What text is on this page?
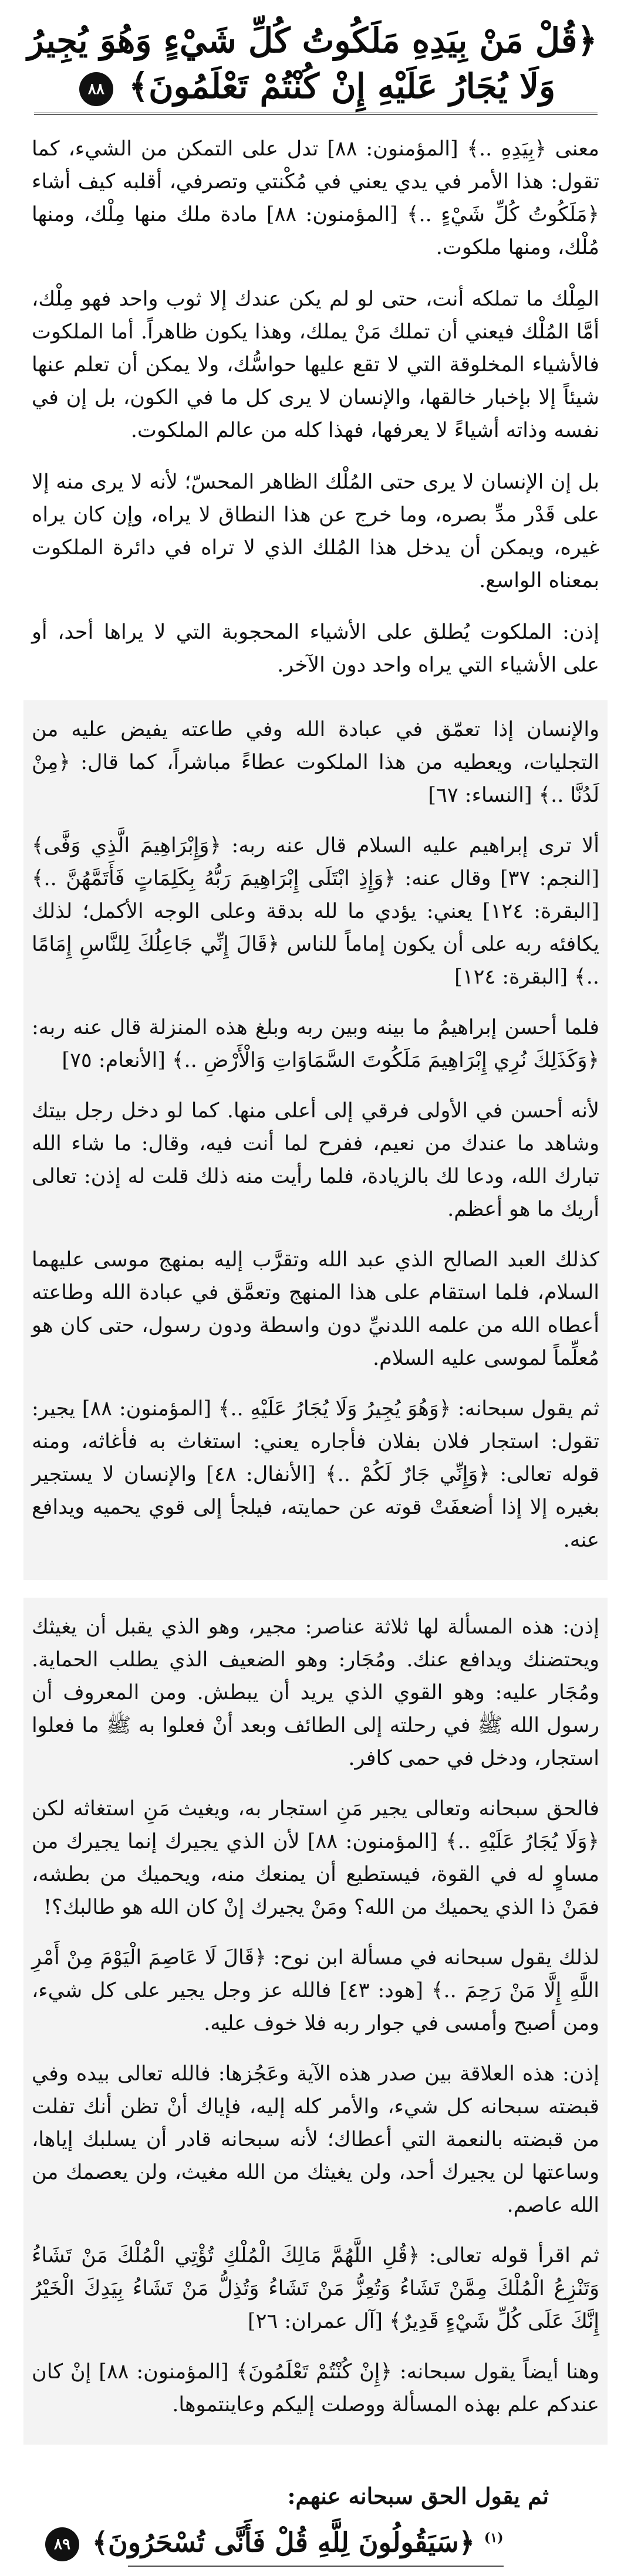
﴿قُلْ مَنْ بِيَدِهِ مَلَكُوتُ كُلِّ شَيْءٍ وَهُوَ يُجِيرُ
وَلَا يُجَارُ عَلَيْهِ إِنْ كُنْتُمْ تَعْلَمُونَ﴾ ٨٨

معنى ﴿بِيَدِهِ ..﴾ [المؤمنون: ٨٨] تدل على التمكن من الشيء، كما تقول: هذا الأمر في يدي يعني في مُكْنتي وتصرفي، أقلبه كيف أشاء ﴿مَلَكُوتُ كُلِّ شَيْءٍ ..﴾ [المؤمنون: ٨٨] مادة ملك منها مِلْك، ومنها مُلْك، ومنها ملكوت.

المِلْك ما تملكه أنت، حتى لو لم يكن عندك إلا ثوب واحد فهو مِلْك، أمَّا المُلْك فيعني أن تملك مَنْ يملك، وهذا يكون ظاهراً. أما الملكوت فالأشياء المخلوقة التي لا تقع عليها حواسُّك، ولا يمكن أن تعلم عنها شيئاً إلا بإخبار خالقها، والإنسان لا يرى كل ما في الكون، بل إن في نفسه وذاته أشياءً لا يعرفها، فهذا كله من عالم الملكوت.

بل إن الإنسان لا يرى حتى المُلْك الظاهر المحسّ؛ لأنه لا يرى منه إلا على قَدْر مدِّ بصره، وما خرج عن هذا النطاق لا يراه، وإن كان يراه غيره، ويمكن أن يدخل هذا المُلك الذي لا تراه في دائرة الملكوت بمعناه الواسع.

إذن: الملكوت يُطلق على الأشياء المحجوبة التي لا يراها أحد، أو على الأشياء التي يراه واحد دون الآخر.

والإنسان إذا تعمّق في عبادة الله وفي طاعته يفيض عليه من التجليات، ويعطيه من هذا الملكوت عطاءً مباشراً، كما قال: ﴿مِنْ لَدُنَّا ..﴾ [النساء: ٦٧]

ألا ترى إبراهيم عليه السلام قال عنه ربه: ﴿وَإِبْرَاهِيمَ الَّذِي وَفَّى﴾ [النجم: ٣٧] وقال عنه: ﴿وَإِذِ ابْتَلَى إِبْرَاهِيمَ رَبُّهُ بِكَلِمَاتٍ فَأَتَمَّهُنَّ ..﴾ [البقرة: ١٢٤] يعني: يؤدي ما لله بدقة وعلى الوجه الأكمل؛ لذلك يكافئه ربه على أن يكون إماماً للناس ﴿قَالَ إِنِّي جَاعِلُكَ لِلنَّاسِ إِمَامًا ..﴾ [البقرة: ١٢٤]

فلما أحسن إبراهيمُ ما بينه وبين ربه وبلغ هذه المنزلة قال عنه ربه: ﴿وَكَذَلِكَ نُرِي إِبْرَاهِيمَ مَلَكُوتَ السَّمَاوَاتِ وَالْأَرْضِ ..﴾ [الأنعام: ٧٥]

لأنه أحسن في الأولى فرقي إلى أعلى منها. كما لو دخل رجل بيتك وشاهد ما عندك من نعيم، ففرح لما أنت فيه، وقال: ما شاء الله تبارك الله، ودعا لك بالزيادة، فلما رأيت منه ذلك قلت له إذن: تعالى أريك ما هو أعظم.

كذلك العبد الصالح الذي عبد الله وتقرَّب إليه بمنهج موسى عليهما السلام، فلما استقام على هذا المنهج وتعمَّق في عبادة الله وطاعته أعطاه الله من علمه اللدنيِّ دون واسطة ودون رسول، حتى كان هو مُعلِّماً لموسى عليه السلام.

ثم يقول سبحانه: ﴿وَهُوَ يُجِيرُ وَلَا يُجَارُ عَلَيْهِ ..﴾ [المؤمنون: ٨٨] يجير: تقول: استجار فلان بفلان فأجاره يعني: استغاث به فأغاثه، ومنه قوله تعالى: ﴿وَإِنِّي جَارٌ لَكُمْ ..﴾ [الأنفال: ٤٨] والإنسان لا يستجير بغيره إلا إذا أضعفَتْ قوته عن حمايته، فيلجأ إلى قوي يحميه ويدافع عنه.

إذن: هذه المسألة لها ثلاثة عناصر: مجير، وهو الذي يقبل أن يغيثك ويحتضنك ويدافع عنك. ومُجَار: وهو الضعيف الذي يطلب الحماية. ومُجَار عليه: وهو القوي الذي يريد أن يبطش. ومن المعروف أن رسول الله ﷺ في رحلته إلى الطائف وبعد أنْ فعلوا به ﷺ ما فعلوا استجار، ودخل في حمى كافر.

فالحق سبحانه وتعالى يجير مَنِ استجار به، ويغيث مَنِ استغاثه لكن ﴿وَلَا يُجَارُ عَلَيْهِ ..﴾ [المؤمنون: ٨٨] لأن الذي يجيرك إنما يجيرك من مساوٍ له في القوة، فيستطيع أن يمنعك منه، ويحميك من بطشه، فمَنْ ذا الذي يحميك من الله؟ ومَنْ يجيرك إنْ كان الله هو طالبك؟!

لذلك يقول سبحانه في مسألة ابن نوح: ﴿قَالَ لَا عَاصِمَ الْيَوْمَ مِنْ أَمْرِ اللَّهِ إِلَّا مَنْ رَحِمَ ..﴾ [هود: ٤٣] فالله عز وجل يجير على كل شيء، ومن أصبح وأمسى في جوار ربه فلا خوف عليه.

إذن: هذه العلاقة بين صدر هذه الآية وعَجُزها: فالله تعالى بيده وفي قبضته سبحانه كل شيء، والأمر كله إليه، فإياك أنْ تظن أنك تفلت من قبضته بالنعمة التي أعطاك؛ لأنه سبحانه قادر أن يسلبك إياها، وساعتها لن يجيرك أحد، ولن يغيثك من الله مغيث، ولن يعصمك من الله عاصم.

ثم اقرأ قوله تعالى: ﴿قُلِ اللَّهُمَّ مَالِكَ الْمُلْكِ تُؤْتِي الْمُلْكَ مَنْ تَشَاءُ وَتَنْزِعُ الْمُلْكَ مِمَّنْ تَشَاءُ وَتُعِزُّ مَنْ تَشَاءُ وَتُذِلُّ مَنْ تَشَاءُ بِيَدِكَ الْخَيْرُ إِنَّكَ عَلَى كُلِّ شَيْءٍ قَدِيرٌ﴾ [آل عمران: ٢٦]

وهنا أيضاً يقول سبحانه: ﴿إِنْ كُنْتُمْ تَعْلَمُونَ﴾ [المؤمنون: ٨٨] إنْ كان عندكم علم بهذه المسألة ووصلت إليكم وعاينتموها.

ثم يقول الحق سبحانه عنهم:
$^{(١)}$ ﴿سَيَقُولُونَ لِلَّهِ قُلْ فَأَنَّى تُسْحَرُونَ﴾ ٨٩
